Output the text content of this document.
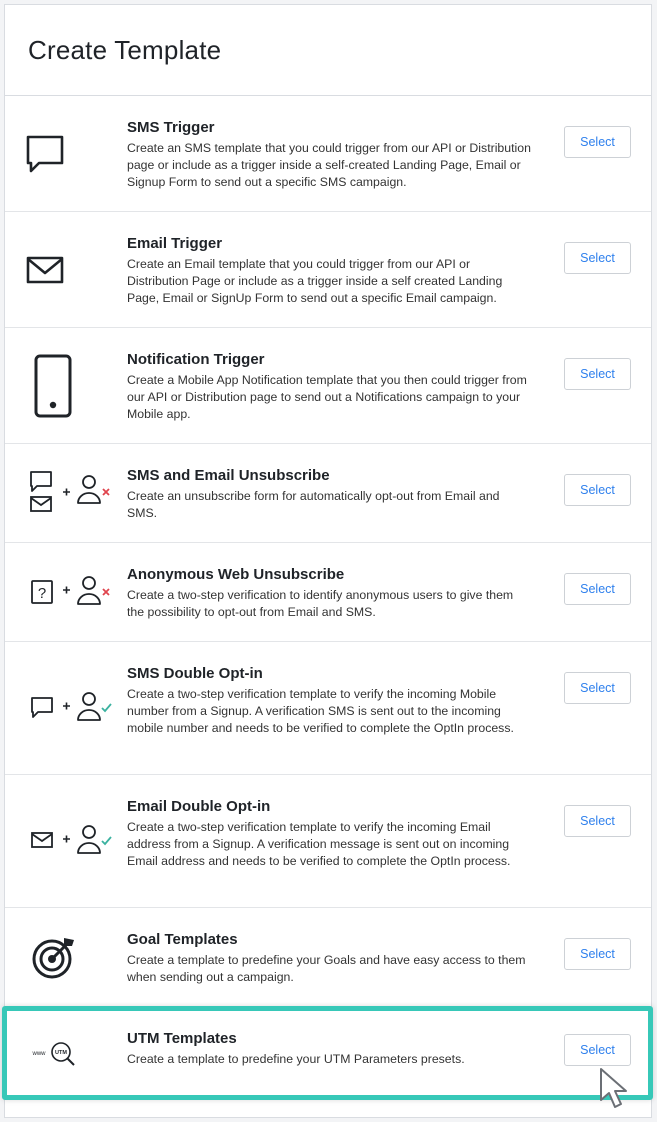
Create Template
SMS Trigger
Create an SMS template that you could trigger from our API or Distribution page or include as a trigger inside a self-created Landing Page, Email or Signup Form to send out a specific SMS campaign.
Select
Email Trigger
Create an Email template that you could trigger from our API or Distribution Page or include as a trigger inside a self created Landing Page, Email or SignUp Form to send out a specific Email campaign.
Select
Notification Trigger
Create a Mobile App Notification template that you then could trigger from our API or Distribution page to send out a Notifications campaign to your Mobile app.
Select
SMS and Email Unsubscribe
Create an unsubscribe form for automatically opt-out from Email and SMS.
Select
?
Anonymous Web Unsubscribe
Create a two-step verification to identify anonymous users to give them the possibility to opt-out from Email and SMS.
Select
SMS Double Opt-in
Create a two-step verification template to verify the incoming Mobile number from a Signup. A verification SMS is sent out to the incoming mobile number and needs to be verified to complete the OptIn process.
Select
Email Double Opt-in
Create a two-step verification template to verify the incoming Email address from a Signup. A verification message is sent out on incoming Email address and needs to be verified to complete the OptIn process.
Select
Goal Templates
Create a template to predefine your Goals and have easy access to them when sending out a campaign.
Select
www UTM
UTM Templates
Create a template to predefine your UTM Parameters presets.
Select
